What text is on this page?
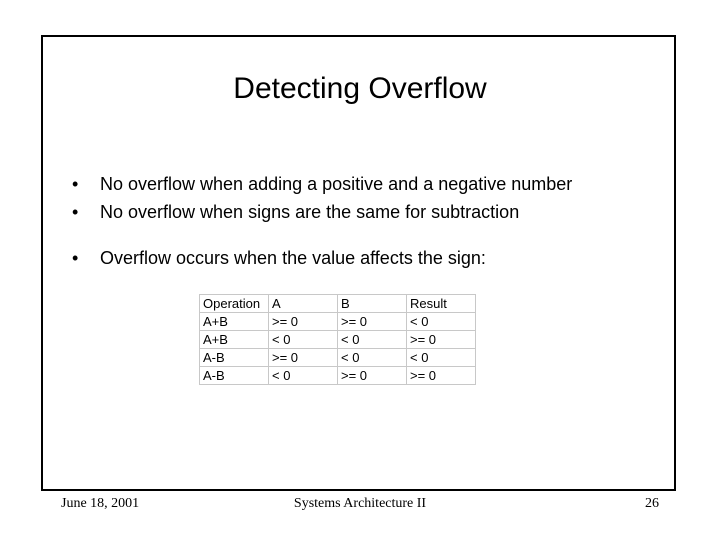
Detecting Overflow
• No overflow when adding a positive and a negative number
• No overflow when signs are the same for subtraction
• Overflow occurs when the value affects the sign:
Operation	A	B	Result
A+B	>= 0	>= 0	< 0
A+B	< 0	< 0	>= 0
A-B	>= 0	< 0	< 0
A-B	< 0	>= 0	>= 0
June 18, 2001	Systems Architecture II	26
